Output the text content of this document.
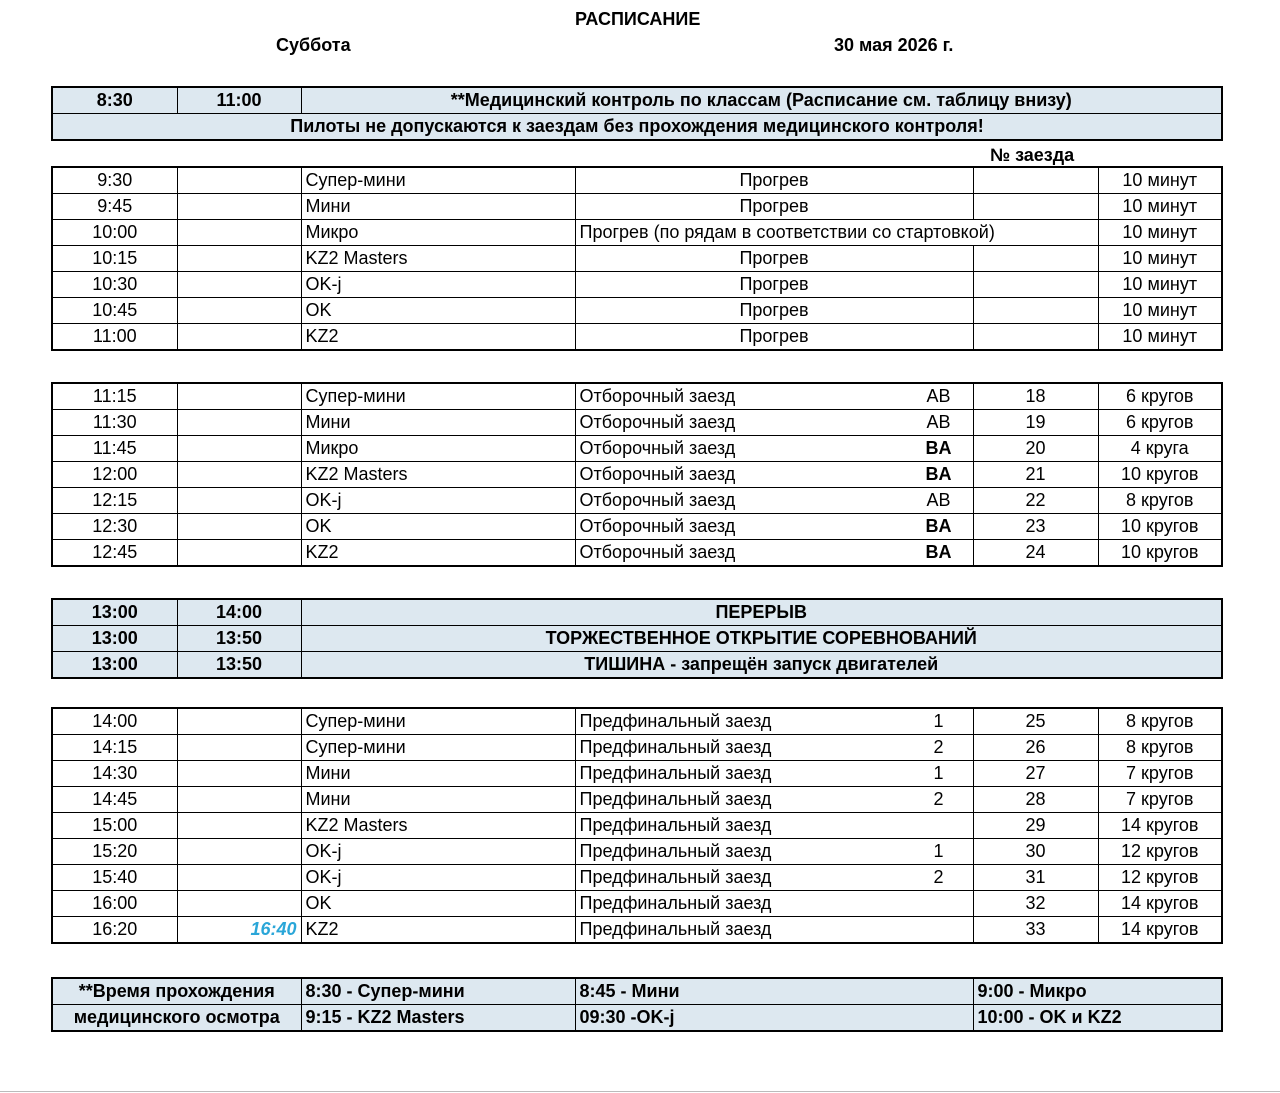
РАСПИСАНИЕ
Суббота	30 мая 2026 г.
8:30	11:00	**Медицинский контроль по классам (Расписание см. таблицу внизу)
Пилоты не допускаются к заездам без прохождения медицинского контроля!
№ заезда
9:30		Супер-мини	Прогрев		10 минут
9:45		Мини	Прогрев		10 минут
10:00		Микро	Прогрев (по рядам в соответствии со стартовкой)		10 минут
10:15		KZ2 Masters	Прогрев		10 минут
10:30		OK-j	Прогрев		10 минут
10:45		OK	Прогрев		10 минут
11:00		KZ2	Прогрев		10 минут
11:15		Супер-мини	Отборочный заезд AB	18	6 кругов
11:30		Мини	Отборочный заезд AB	19	6 кругов
11:45		Микро	Отборочный заезд BA	20	4 круга
12:00		KZ2 Masters	Отборочный заезд BA	21	10 кругов
12:15		OK-j	Отборочный заезд AB	22	8 кругов
12:30		OK	Отборочный заезд BA	23	10 кругов
12:45		KZ2	Отборочный заезд BA	24	10 кругов
13:00	14:00	ПЕРЕРЫВ
13:00	13:50	ТОРЖЕСТВЕННОЕ ОТКРЫТИЕ СОРЕВНОВАНИЙ
13:00	13:50	ТИШИНА - запрещён запуск двигателей
14:00		Супер-мини	Предфинальный заезд 1	25	8 кругов
14:15		Супер-мини	Предфинальный заезд 2	26	8 кругов
14:30		Мини	Предфинальный заезд 1	27	7 кругов
14:45		Мини	Предфинальный заезд 2	28	7 кругов
15:00		KZ2 Masters	Предфинальный заезд	29	14 кругов
15:20		OK-j	Предфинальный заезд 1	30	12 кругов
15:40		OK-j	Предфинальный заезд 2	31	12 кругов
16:00		OK	Предфинальный заезд	32	14 кругов
16:20	16:40	KZ2	Предфинальный заезд	33	14 кругов
**Время прохождения	8:30 - Супер-мини	8:45 - Мини	9:00 - Микро
медицинского осмотра	9:15 - KZ2 Masters	09:30 -OK-j	10:00 - OK и KZ2
